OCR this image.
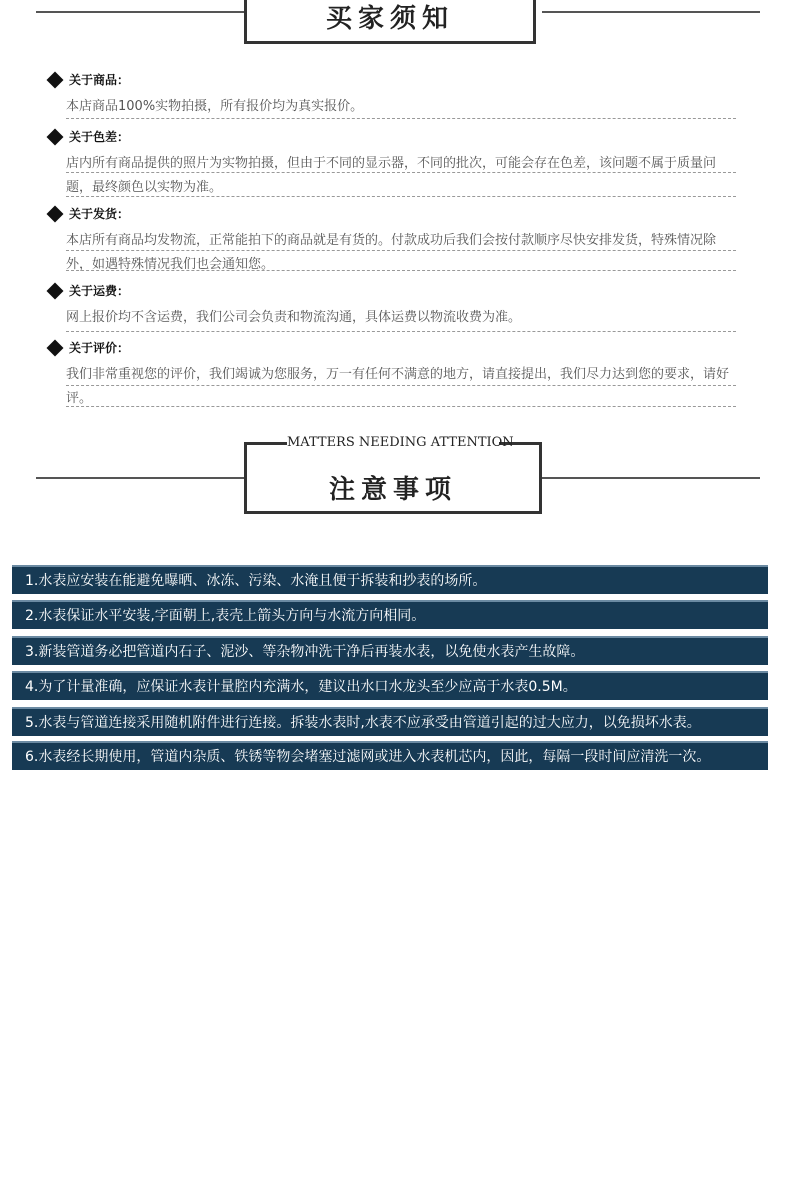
买家须知
关于商品：
本店商品100%实物拍摄，所有报价均为真实报价。
关于色差：
店内所有商品提供的照片为实物拍摄，但由于不同的显示器，不同的批次，可能会存在色差，该问题不属于质量问题，最终颜色以实物为准。
关于发货：
本店所有商品均发物流，正常能拍下的商品就是有货的。付款成功后我们会按付款顺序尽快安排发货，特殊情况除外，如遇特殊情况我们也会通知您。
关于运费：
网上报价均不含运费，我们公司会负责和物流沟通，具体运费以物流收费为准。
关于评价：
我们非常重视您的评价，我们竭诚为您服务，万一有任何不满意的地方，请直接提出，我们尽力达到您的要求，请好评。
MATTERS NEEDING ATTENTION
注意事项
1.水表应安装在能避免曝晒、冰冻、污染、水淹且便于拆装和抄表的场所。
2.水表保证水平安装,字面朝上,表壳上箭头方向与水流方向相同。
3.新装管道务必把管道内石子、泥沙、等杂物冲洗干净后再装水表，以免使水表产生故障。
4.为了计量准确，应保证水表计量腔内充满水，建议出水口水龙头至少应高于水表0.5M。
5.水表与管道连接采用随机附件进行连接。拆装水表时,水表不应承受由管道引起的过大应力，以免损坏水表。
6.水表经长期使用，管道内杂质、铁锈等物会堵塞过滤网或进入水表机芯内，因此，每隔一段时间应清洗一次。
